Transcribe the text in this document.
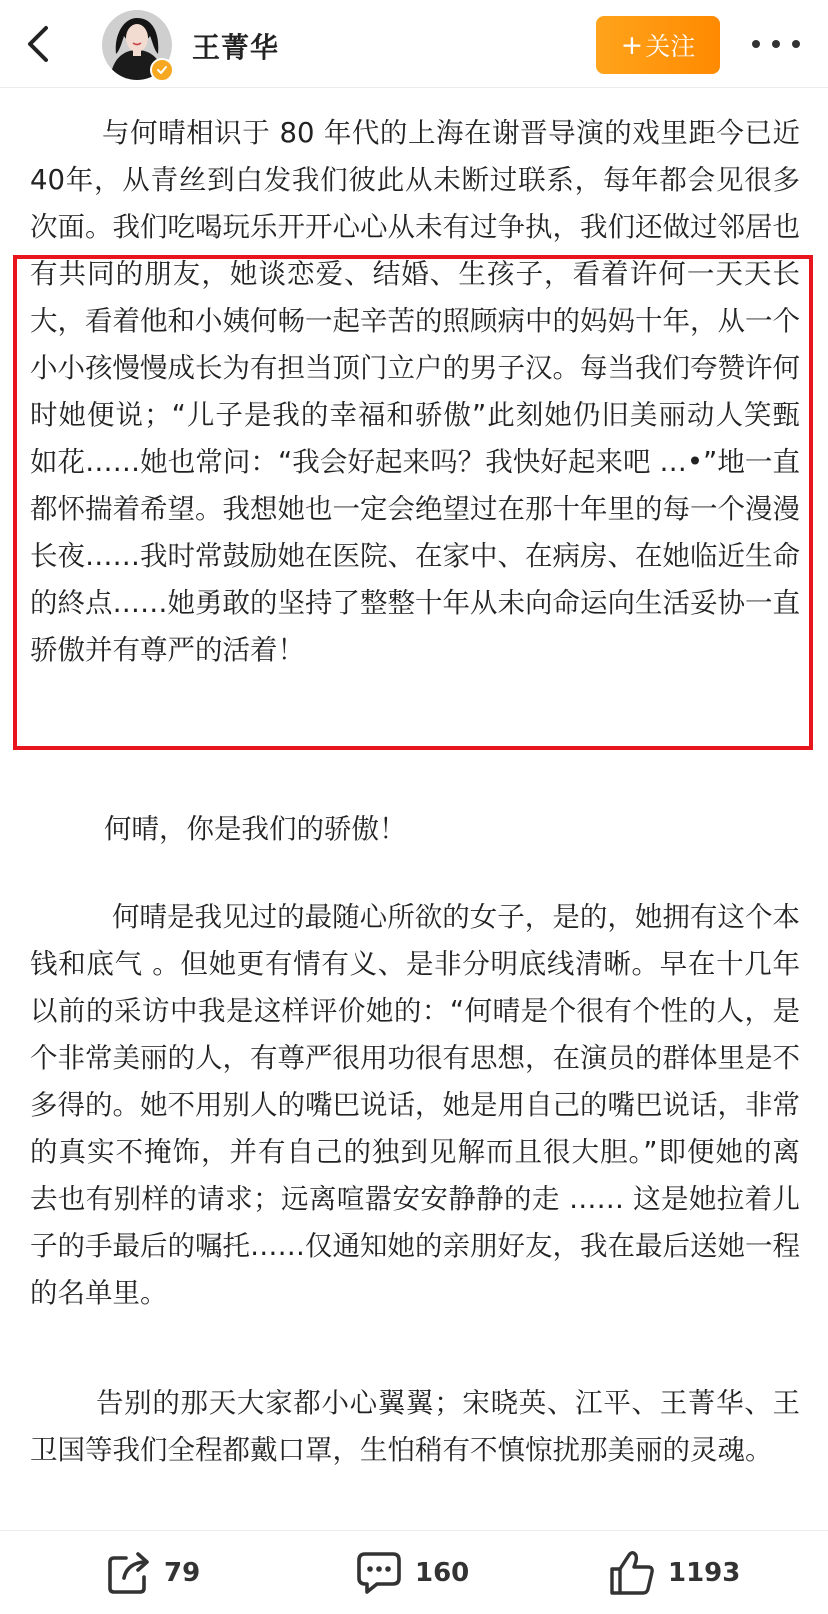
王菁华	+ 关注

与何晴相识于 80 年代的上海在谢晋导演的戏里距今已近 40年，从青丝到白发我们彼此从未断过联系，每年都会见很多次面。我们吃喝玩乐开开心心从未有过争执，我们还做过邻居也有共同的朋友，她谈恋爱、结婚、生孩子，看着许何一天天长大，看着他和小姨何畅一起辛苦的照顾病中的妈妈十年，从一个小小孩慢慢成长为有担当顶门立户的男子汉。每当我们夸赞许何时她便说；“儿子是我的幸福和骄傲”此刻她仍旧美丽动人笑甄如花……她也常问：“我会好起来吗？我快好起来吧 …•”地一直都怀揣着希望。我想她也一定会绝望过在那十年里的每一个漫漫长夜……我时常鼓励她在医院、在家中、在病房、在她临近生命的終点……她勇敢的坚持了整整十年从未向命运向生活妥协一直骄傲并有尊严的活着！

何晴，你是我们的骄傲！

何晴是我见过的最随心所欲的女子，是的，她拥有这个本钱和底气 。但她更有情有义、是非分明底线清晰。早在十几年以前的采访中我是这样评价她的：“何晴是个很有个性的人，是个非常美丽的人，有尊严很用功很有思想，在演员的群体里是不多得的。她不用别人的嘴巴说话，她是用自己的嘴巴说话，非常的真实不掩饰，并有自己的独到见解而且很大胆。”即便她的离去也有别样的请求；远离喧嚣安安静静的走 …… 这是她拉着儿子的手最后的嘱托……仅通知她的亲朋好友，我在最后送她一程的名单里。

告别的那天大家都小心翼翼；宋晓英、江平、王菁华、王卫国等我们全程都戴口罩，生怕稍有不慎惊扰那美丽的灵魂。

79	160	1193
